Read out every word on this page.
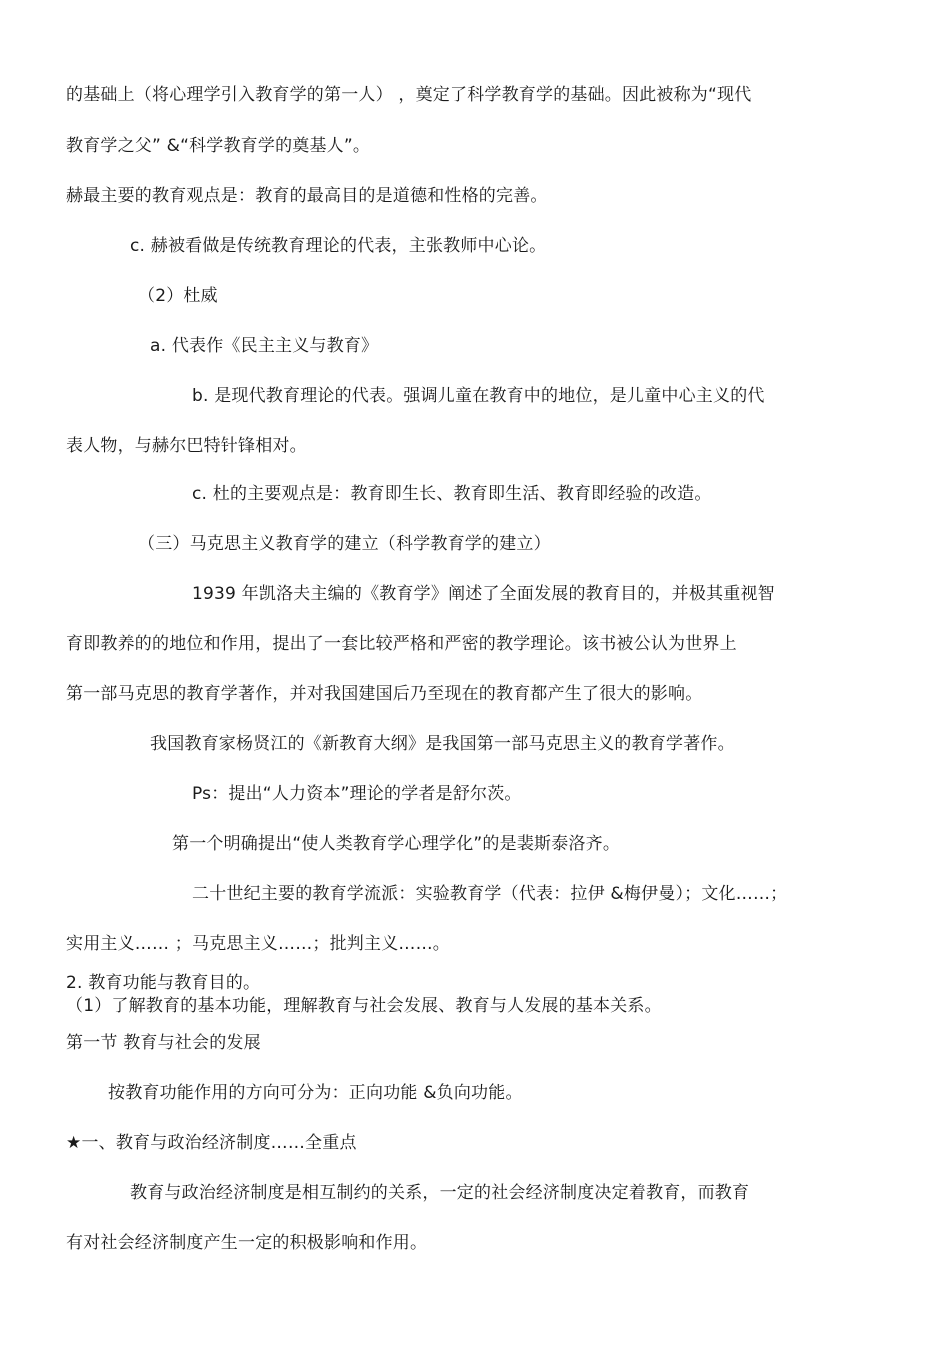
的基础上（将心理学引入教育学的第一人） ，奠定了科学教育学的基础。因此被称为“现代
教育学之父” &“科学教育学的奠基人”。
赫最主要的教育观点是：教育的最高目的是道德和性格的完善。
c. 赫被看做是传统教育理论的代表，主张教师中心论。
（2）杜威
a. 代表作《民主主义与教育》
b. 是现代教育理论的代表。强调儿童在教育中的地位，是儿童中心主义的代
表人物，与赫尔巴特针锋相对。
c. 杜的主要观点是：教育即生长、教育即生活、教育即经验的改造。
（三）马克思主义教育学的建立（科学教育学的建立）
1939 年凯洛夫主编的《教育学》阐述了全面发展的教育目的，并极其重视智
育即教养的的地位和作用，提出了一套比较严格和严密的教学理论。该书被公认为世界上
第一部马克思的教育学著作，并对我国建国后乃至现在的教育都产生了很大的影响。
我国教育家杨贤江的《新教育大纲》是我国第一部马克思主义的教育学著作。
Ps：提出“人力资本”理论的学者是舒尔茨。
第一个明确提出“使人类教育学心理学化”的是裴斯泰洛齐。
二十世纪主要的教育学流派：实验教育学（代表：拉伊 &梅伊曼）；文化……；
实用主义…… ；马克思主义……；批判主义……。
2. 教育功能与教育目的。
（1）了解教育的基本功能，理解教育与社会发展、教育与人发展的基本关系。
第一节 教育与社会的发展
按教育功能作用的方向可分为：正向功能 &负向功能。
★一、教育与政治经济制度……全重点
教育与政治经济制度是相互制约的关系，一定的社会经济制度决定着教育，而教育
有对社会经济制度产生一定的积极影响和作用。
